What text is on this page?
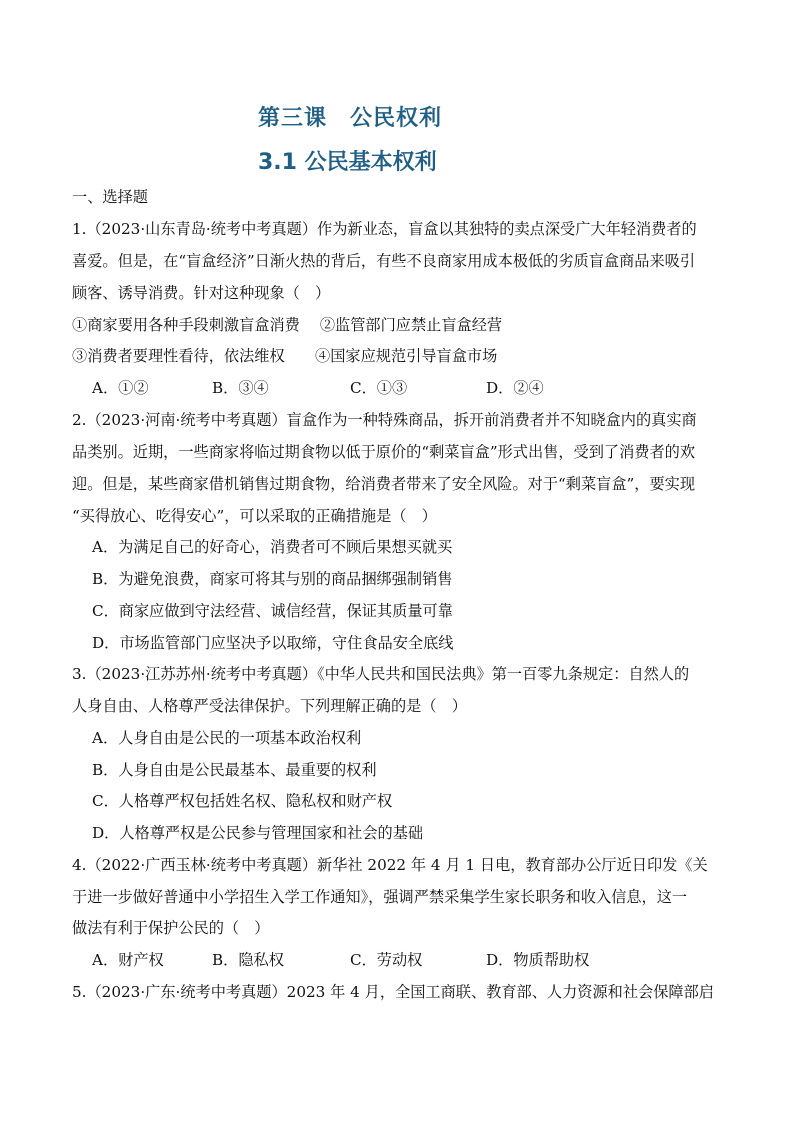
第三课　公民权利
3.1 公民基本权利
一、选择题
1.（2023·山东青岛·统考中考真题）作为新业态，盲盒以其独特的卖点深受广大年轻消费者的
喜爱。但是，在“盲盒经济”日渐火热的背后，有些不良商家用成本极低的劣质盲盒商品来吸引
顾客、诱导消费。针对这种现象（　）
①商家要用各种手段刺激盲盒消费　 ②监管部门应禁止盲盒经营
③消费者要理性看待，依法维权　　④国家应规范引导盲盒市场
A．①②	B．③④	C．①③	D．②④
2.（2023·河南·统考中考真题）盲盒作为一种特殊商品，拆开前消费者并不知晓盒内的真实商
品类别。近期，一些商家将临过期食物以低于原价的“剩菜盲盒”形式出售，受到了消费者的欢
迎。但是，某些商家借机销售过期食物，给消费者带来了安全风险。对于“剩菜盲盒”，要实现
“买得放心、吃得安心”，可以采取的正确措施是（　）
A．为满足自己的好奇心，消费者可不顾后果想买就买
B．为避免浪费，商家可将其与别的商品捆绑强制销售
C．商家应做到守法经营、诚信经营，保证其质量可靠
D．市场监管部门应坚决予以取缔，守住食品安全底线
3.（2023·江苏苏州·统考中考真题）《中华人民共和国民法典》第一百零九条规定：自然人的
人身自由、人格尊严受法律保护。下列理解正确的是（　）
A．人身自由是公民的一项基本政治权利
B．人身自由是公民最基本、最重要的权利
C．人格尊严权包括姓名权、隐私权和财产权
D．人格尊严权是公民参与管理国家和社会的基础
4.（2022·广西玉林·统考中考真题）新华社 2022 年 4 月 1 日电，教育部办公厅近日印发《关
于进一步做好普通中小学招生入学工作通知》，强调严禁采集学生家长职务和收入信息，这一
做法有利于保护公民的（　）
A．财产权	B．隐私权	C．劳动权	D．物质帮助权
5.（2023·广东·统考中考真题）2023 年 4 月，全国工商联、教育部、人力资源和社会保障部启
